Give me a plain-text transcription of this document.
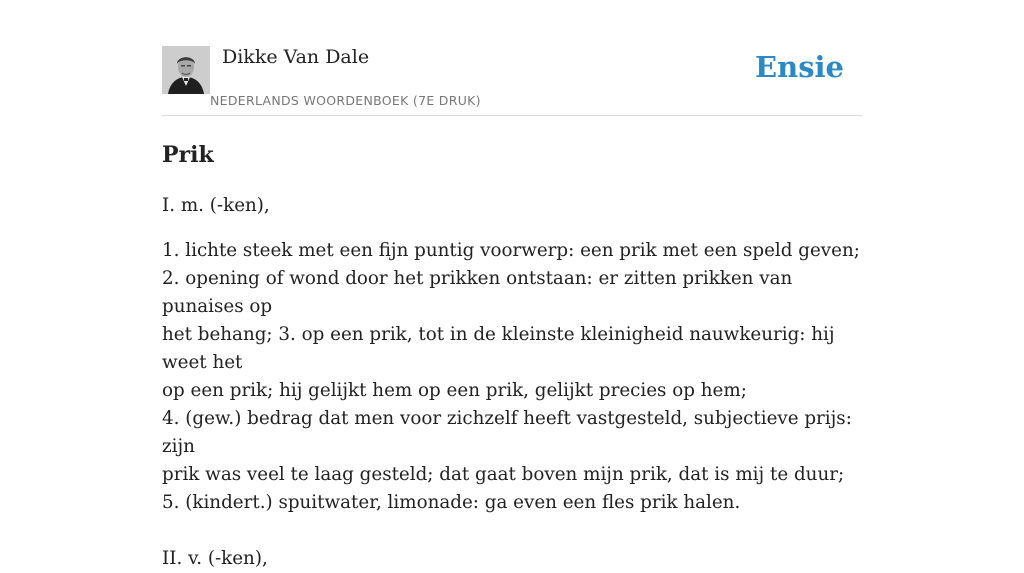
Dikke Van Dale
NEDERLANDS WOORDENBOEK (7E DRUK)
Ensie
Prik

I. m. (-ken),

1. lichte steek met een fijn puntig voorwerp: een prik met een speld geven;

2. opening of wond door het prikken ontstaan: er zitten prikken van punaises op

het behang; 3. op een prik, tot in de kleinste kleinigheid nauwkeurig: hij weet het

op een prik; hij gelijkt hem op een prik, gelijkt precies op hem;

4. (gew.) bedrag dat men voor zichzelf heeft vastgesteld, subjectieve prijs: zijn

prik was veel te laag gesteld; dat gaat boven mijn prik, dat is mij te duur;

5. (kindert.) spuitwater, limonade: ga even een fles prik halen.

II. v. (-ken),
